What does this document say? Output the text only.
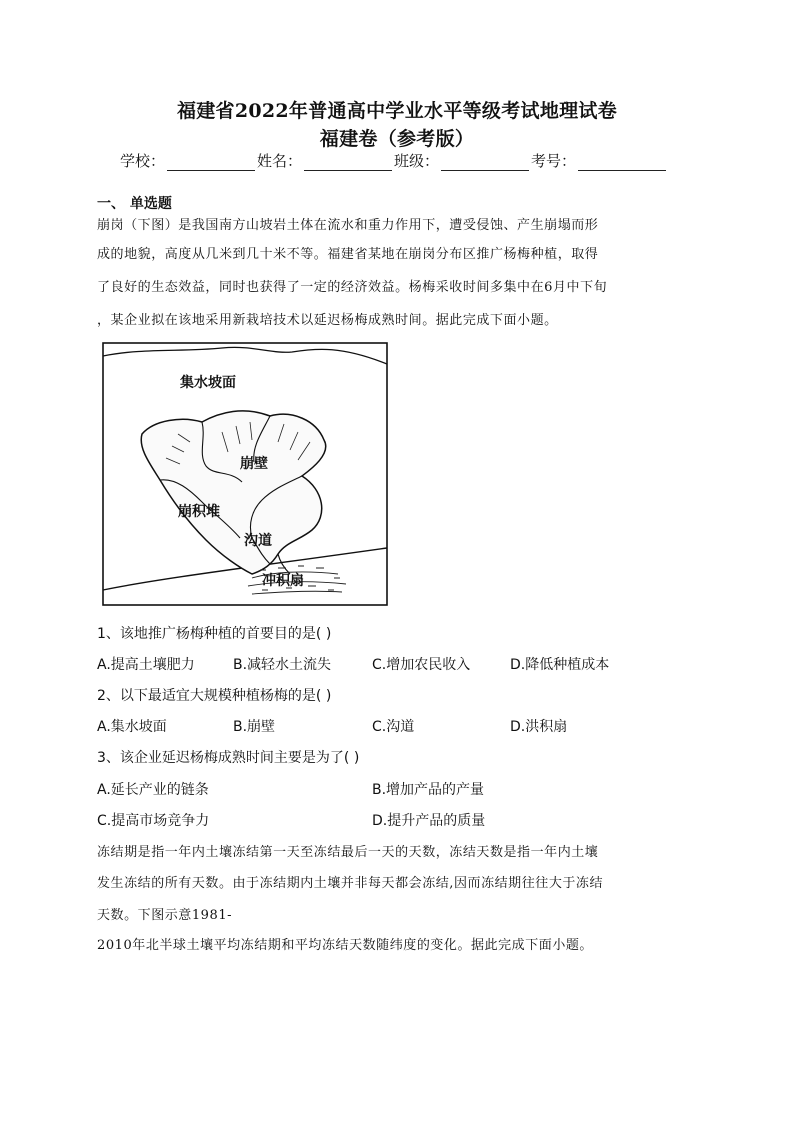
福建省2022年普通高中学业水平等级考试地理试卷
福建卷（参考版）
学校：	姓名：	班级：	考号：
一、 单选题
崩岗（下图）是我国南方山坡岩土体在流水和重力作用下，遭受侵蚀、产生崩塌而形
成的地貌，高度从几米到几十米不等。福建省某地在崩岗分布区推广杨梅种植，取得
了良好的生态效益，同时也获得了一定的经济效益。杨梅采收时间多集中在6月中下旬
，某企业拟在该地采用新栽培技术以延迟杨梅成熟时间。据此完成下面小题。
集水坡面
崩壁
崩积堆
沟道
冲积扇
1、该地推广杨梅种植的首要目的是( )
A.提高土壤肥力	B.减轻水土流失	C.增加农民收入	D.降低种植成本
2、以下最适宜大规模种植杨梅的是( )
A.集水坡面	B.崩壁	C.沟道	D.洪积扇
3、该企业延迟杨梅成熟时间主要是为了( )
A.延长产业的链条	B.增加产品的产量
C.提高市场竞争力	D.提升产品的质量
冻结期是指一年内土壤冻结第一天至冻结最后一天的天数，冻结天数是指一年内土壤
发生冻结的所有天数。由于冻结期内土壤并非每天都会冻结,因而冻结期往往大于冻结
天数。下图示意1981-
2010年北半球土壤平均冻结期和平均冻结天数随纬度的变化。据此完成下面小题。
